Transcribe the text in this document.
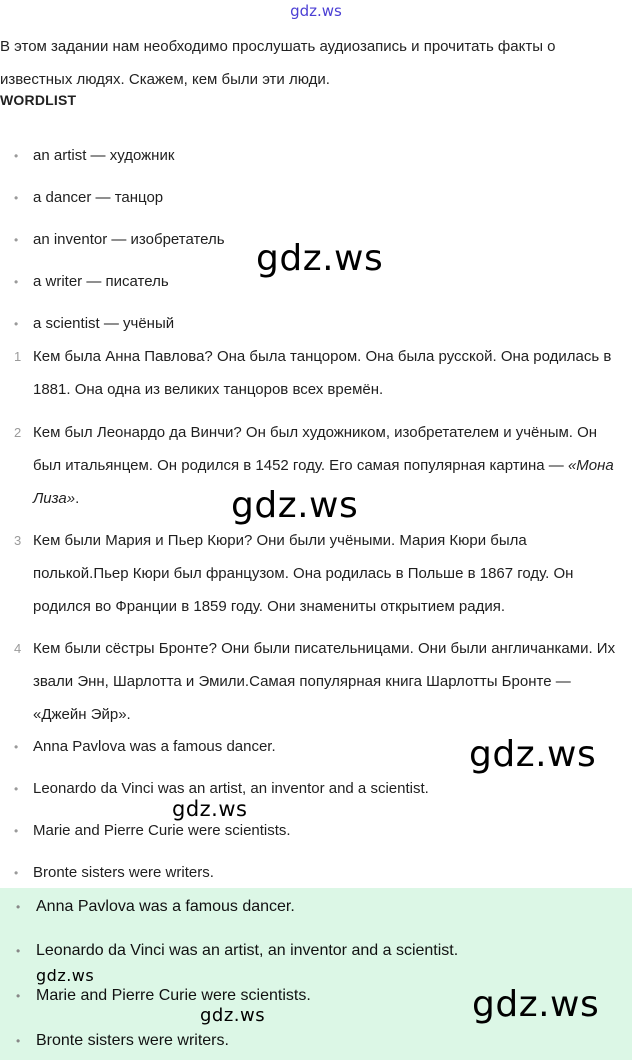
gdz.ws
В этом задании нам необходимо прослушать аудиозапись и прочитать факты о известных людях. Скажем, кем были эти люди.
WORDLIST
• an artist — художник
• a dancer — танцор
• an inventor — изобретатель
• a writer — писатель
• a scientist — учёный
1 Кем была Анна Павлова? Она была танцором. Она была русской. Она родилась в 1881. Она одна из великих танцоров всех времён.
2 Кем был Леонардо да Винчи? Он был художником, изобретателем и учёным. Он был итальянцем. Он родился в 1452 году. Его самая популярная картина — «Мона Лиза».
3 Кем были Мария и Пьер Кюри? Они были учёными. Мария Кюри была полькой.Пьер Кюри был французом. Она родилась в Польше в 1867 году. Он родился во Франции в 1859 году. Они знамениты открытием радия.
4 Кем были сёстры Бронте? Они были писательницами. Они были англичанками. Их звали Энн, Шарлотта и Эмили.Самая популярная книга Шарлотты Бронте — «Джейн Эйр».
• Anna Pavlova was a famous dancer.
• Leonardo da Vinci was an artist, an inventor and a scientist.
• Marie and Pierre Curie were scientists.
• Bronte sisters were writers.
• Anna Pavlova was a famous dancer.
• Leonardo da Vinci was an artist, an inventor and a scientist.
• Marie and Pierre Curie were scientists.
• Bronte sisters were writers.
gdz.ws
gdz.ws
gdz.ws
gdz.ws
gdz.ws
gdz.ws
gdz.ws
